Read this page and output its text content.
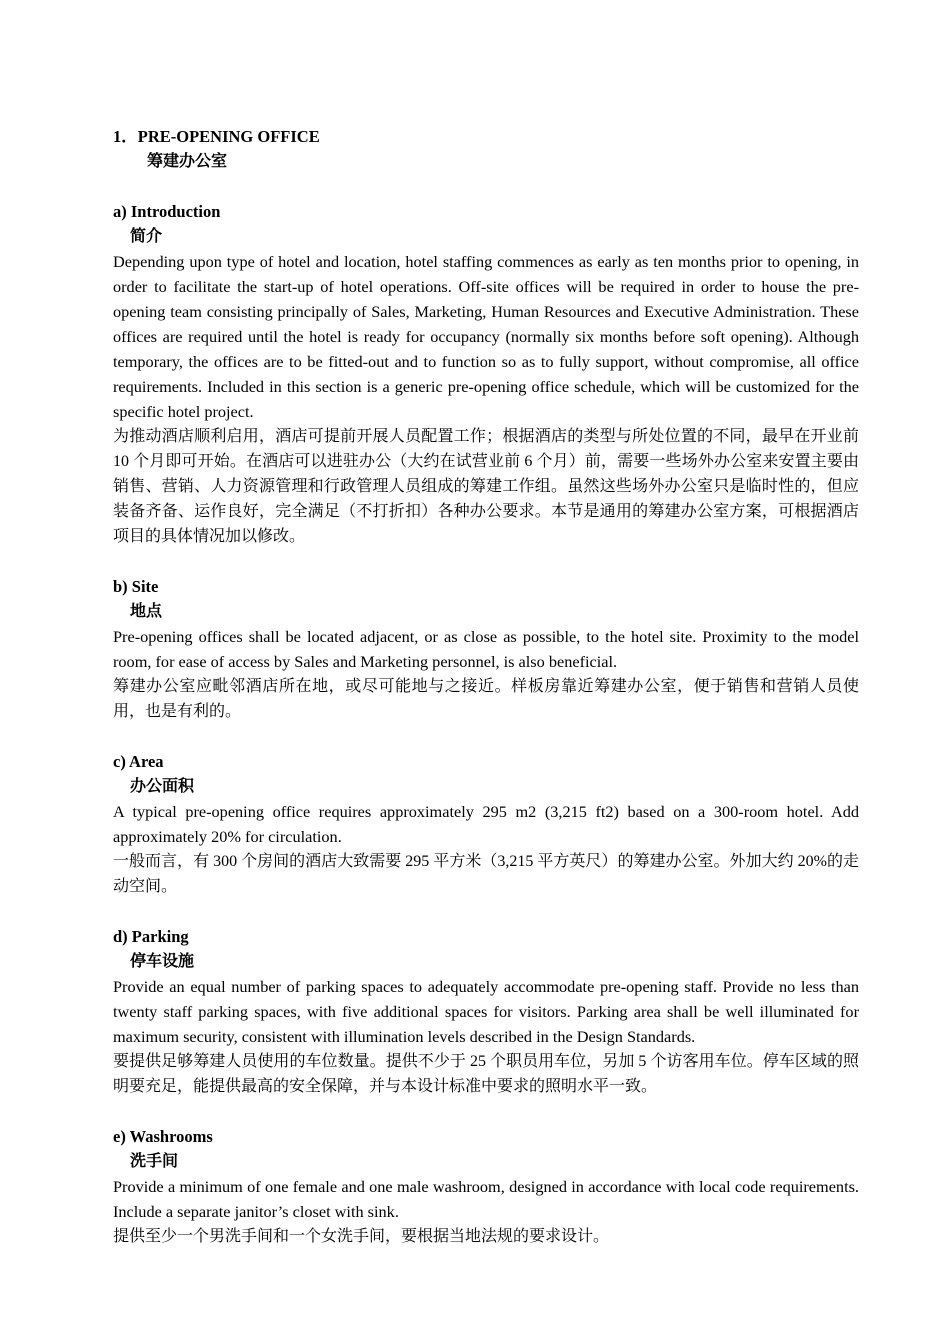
1．PRE-OPENING OFFICE
筹建办公室
a) Introduction
简介

Depending upon type of hotel and location, hotel staffing commences as early as ten months prior to opening, in order to facilitate the start-up of hotel operations. Off-site offices will be required in order to house the pre-opening team consisting principally of Sales, Marketing, Human Resources and Executive Administration. These offices are required until the hotel is ready for occupancy (normally six months before soft opening). Although temporary, the offices are to be fitted-out and to function so as to fully support, without compromise, all office requirements. Included in this section is a generic pre-opening office schedule, which will be customized for the specific hotel project.

为推动酒店顺利启用，酒店可提前开展人员配置工作；根据酒店的类型与所处位置的不同，最早在开业前 10 个月即可开始。在酒店可以进驻办公（大约在试营业前 6 个月）前，需要一些场外办公室来安置主要由销售、营销、人力资源管理和行政管理人员组成的筹建工作组。虽然这些场外办公室只是临时性的，但应装备齐备、运作良好，完全满足（不打折扣）各种办公要求。本节是通用的筹建办公室方案，可根据酒店项目的具体情况加以修改。

b) Site
地点

Pre-opening offices shall be located adjacent, or as close as possible, to the hotel site. Proximity to the model room, for ease of access by Sales and Marketing personnel, is also beneficial.

筹建办公室应毗邻酒店所在地，或尽可能地与之接近。样板房靠近筹建办公室，便于销售和营销人员使用，也是有利的。

c) Area
办公面积

A typical pre-opening office requires approximately 295 m2 (3,215 ft2) based on a 300-room hotel. Add approximately 20% for circulation.

一般而言，有 300 个房间的酒店大致需要 295 平方米（3,215 平方英尺）的筹建办公室。外加大约 20%的走动空间。

d) Parking
停车设施

Provide an equal number of parking spaces to adequately accommodate pre-opening staff. Provide no less than twenty staff parking spaces, with five additional spaces for visitors. Parking area shall be well illuminated for maximum security, consistent with illumination levels described in the Design Standards.

要提供足够筹建人员使用的车位数量。提供不少于 25 个职员用车位，另加 5 个访客用车位。停车区域的照明要充足，能提供最高的安全保障，并与本设计标准中要求的照明水平一致。

e) Washrooms
洗手间

Provide a minimum of one female and one male washroom, designed in accordance with local code requirements. Include a separate janitor’s closet with sink.

提供至少一个男洗手间和一个女洗手间，要根据当地法规的要求设计。
